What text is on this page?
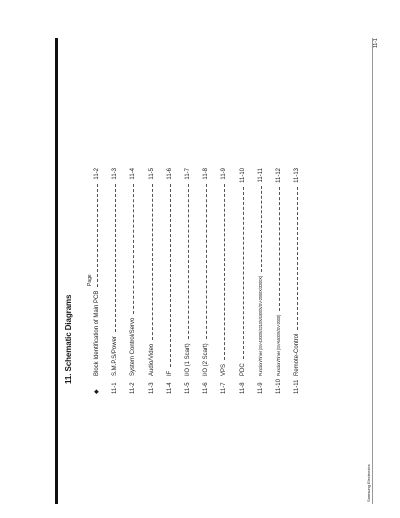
11. Schematic Diagrams
Page
◆
Block Identification of Main PCB
11-2
11-1
S.M.P.S/Power
11-3
11-2
System Control/Servo
11-4
11-3
Audio/Video
11-5
11-4
IF
11-6
11-5
I/O (1 Scart)
11-7
11-6
I/O (2 Scart)
11-8
11-7
VPS
11-9
11-8
PDC
11-10
11-9
Function/Timer (SV-4200X/4210X/4300X/SV-2000X/3200X)
11-11
11-10
Function/Timer (SV-6400X/SV-2000)
11-12
11-11
Remote-Control
11-13
11-1
Samsung Electronics
